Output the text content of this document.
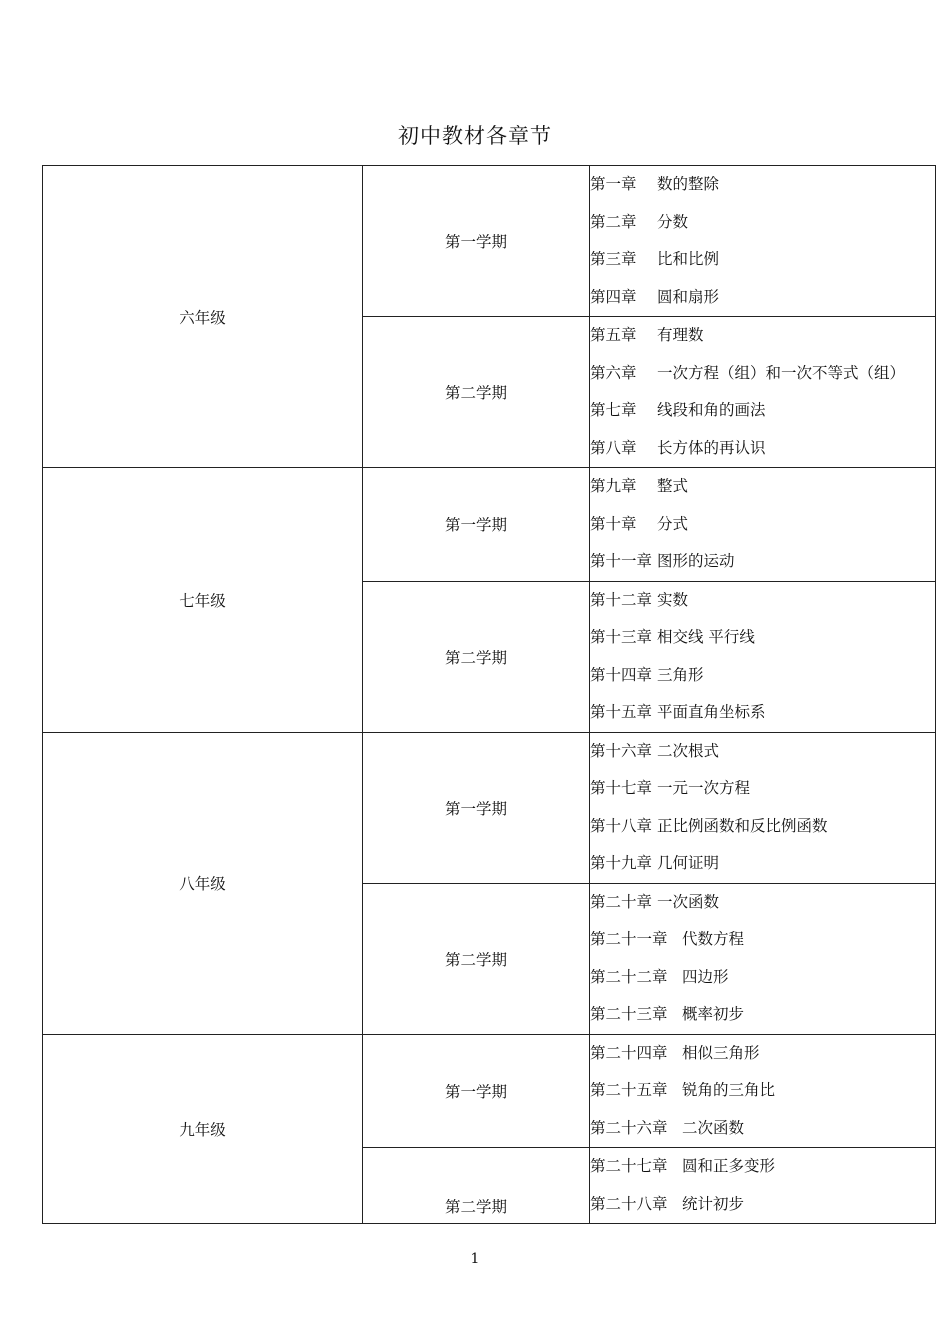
初中教材各章节
六年级	第一学期	第一章 数的整除
第二章 分数
第三章 比和比例
第四章 圆和扇形

	第二学期	第五章 有理数
第六章 一次方程（组）和一次不等式（组）
第七章 线段和角的画法
第八章 长方体的再认识

七年级	第一学期	第九章 整式
第十章 分式
第十一章 图形的运动

	第二学期	第十二章 实数
第十三章 相交线 平行线
第十四章 三角形
第十五章 平面直角坐标系

八年级	第一学期	第十六章 二次根式
第十七章 一元一次方程
第十八章 正比例函数和反比例函数
第十九章 几何证明

	第二学期	第二十章 一次函数
第二十一章 代数方程
第二十二章 四边形
第二十三章 概率初步

九年级	第一学期	第二十四章 相似三角形
第二十五章 锐角的三角比
第二十六章 二次函数

	第二学期	第二十七章 圆和正多变形
第二十八章 统计初步
1
